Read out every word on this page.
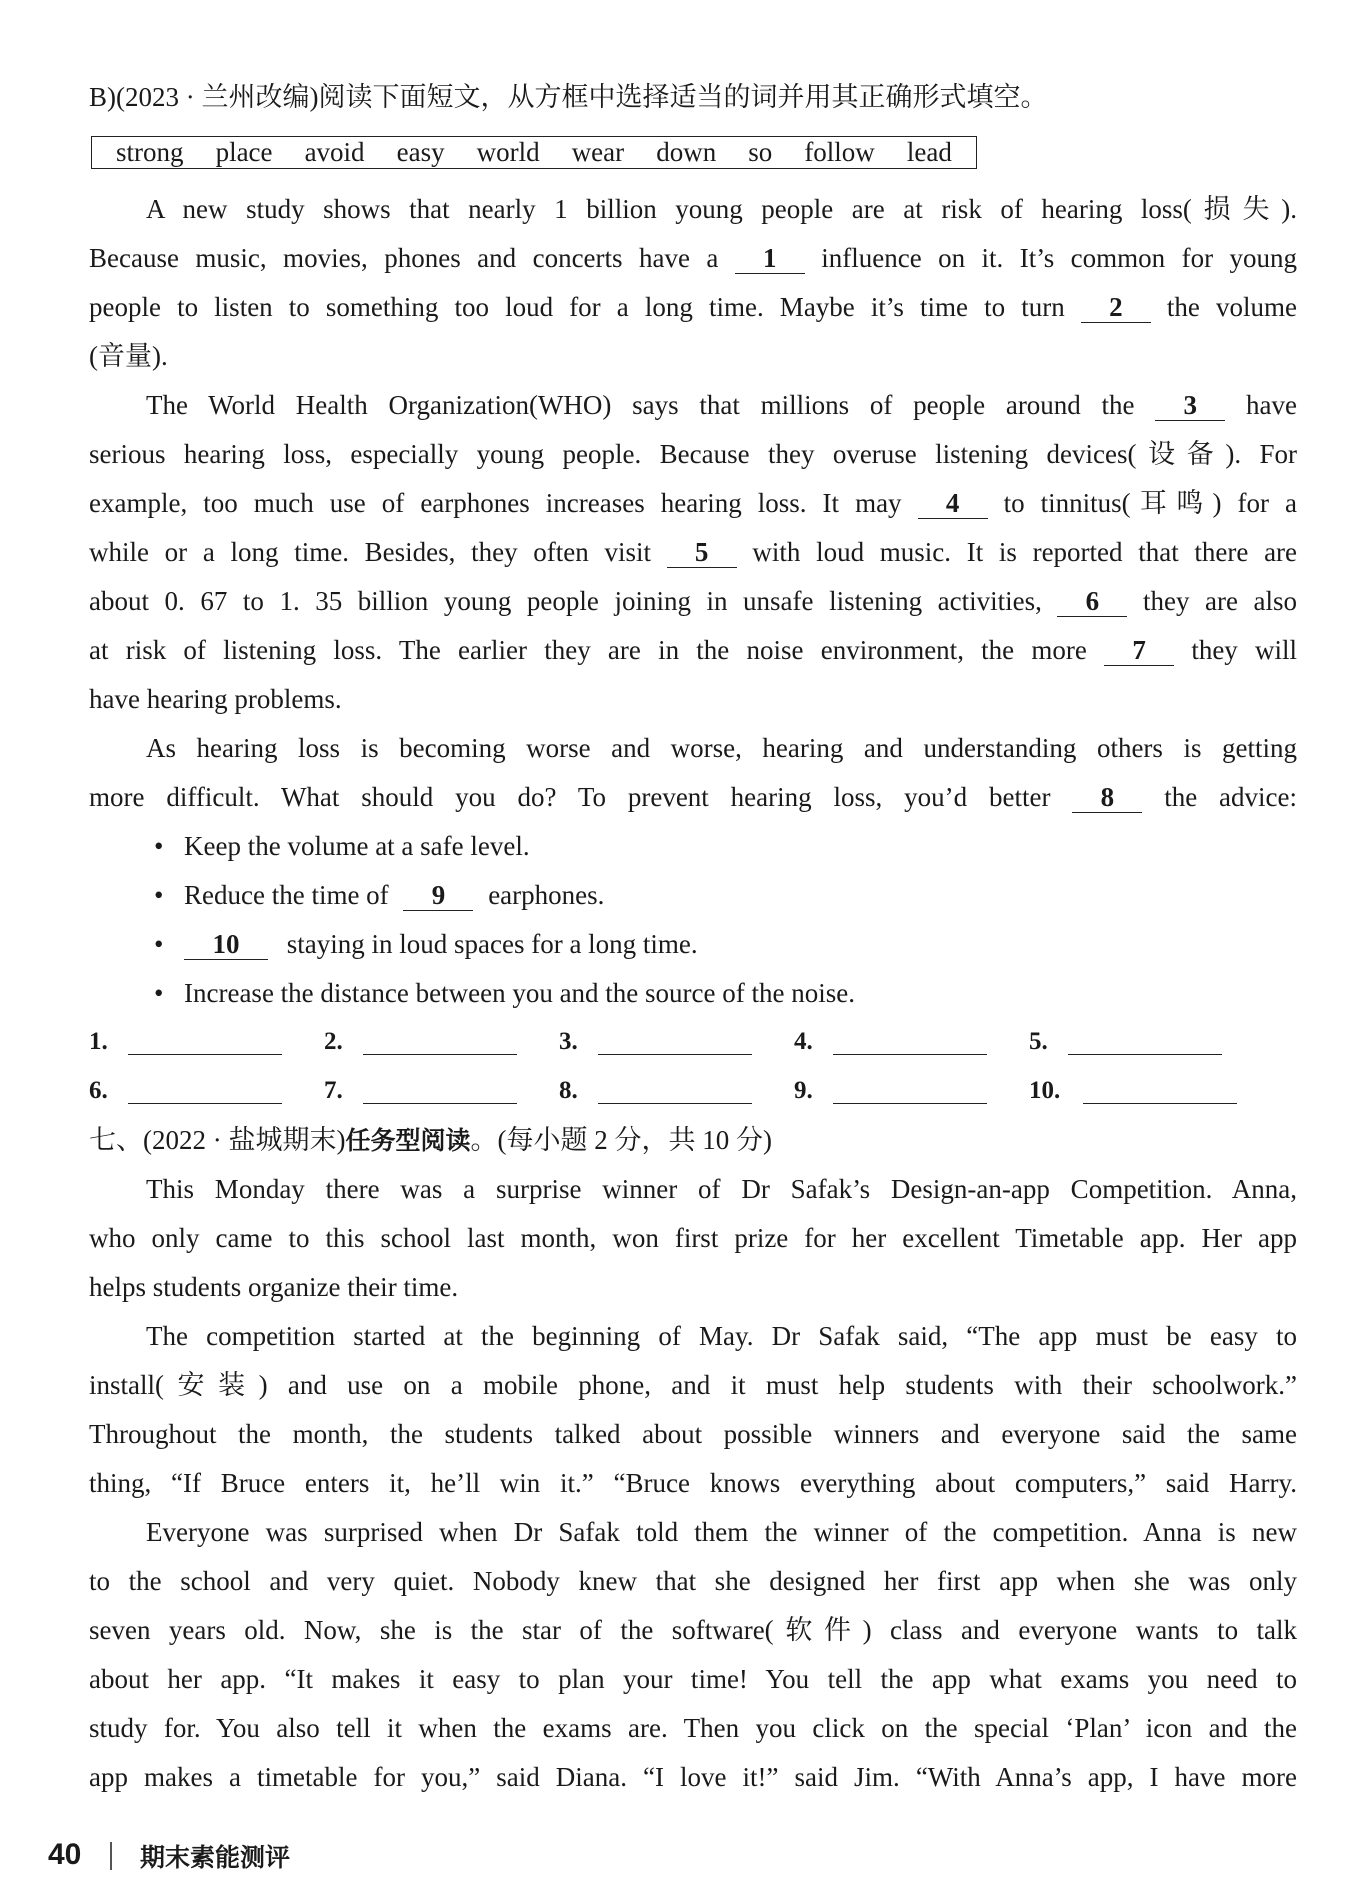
B)(2023 · 兰州改编)阅读下面短文，从方框中选择适当的词并用其正确形式填空。
strong place avoid easy world wear down so follow lead
A new study shows that nearly 1 billion young people are at risk of hearing loss(损失).
Because music, movies, phones and concerts have a 1 influence on it. It’s common for young
people to listen to something too loud for a long time. Maybe it’s time to turn 2 the volume
(音量).
The World Health Organization(WHO) says that millions of people around the 3 have
serious hearing loss, especially young people. Because they overuse listening devices(设备). For
example, too much use of earphones increases hearing loss. It may 4 to tinnitus(耳鸣) for a
while or a long time. Besides, they often visit 5 with loud music. It is reported that there are
about 0. 67 to 1. 35 billion young people joining in unsafe listening activities, 6 they are also
at risk of listening loss. The earlier they are in the noise environment, the more 7 they will
have hearing problems.
As hearing loss is becoming worse and worse, hearing and understanding others is getting
more difficult. What should you do? To prevent hearing loss, you’d better 8 the advice:
• Keep the volume at a safe level.
• Reduce the time of 9 earphones.
•	10 staying in loud spaces for a long time.
• Increase the distance between you and the source of the noise.
1.	2.	3.	4.	5.
6.	7.	8.	9.	10.
七、(2022 · 盐城期末)任务型阅读。(每小题 2 分，共 10 分)
This Monday there was a surprise winner of Dr Safak’s Design-an-app Competition. Anna,
who only came to this school last month, won first prize for her excellent Timetable app. Her app
helps students organize their time.
The competition started at the beginning of May. Dr Safak said, “The app must be easy to
install(安装) and use on a mobile phone, and it must help students with their schoolwork.”
Throughout the month, the students talked about possible winners and everyone said the same
thing, “If Bruce enters it, he’ll win it.” “Bruce knows everything about computers,” said Harry.
Everyone was surprised when Dr Safak told them the winner of the competition. Anna is new
to the school and very quiet. Nobody knew that she designed her first app when she was only
seven years old. Now, she is the star of the software(软件) class and everyone wants to talk
about her app. “It makes it easy to plan your time! You tell the app what exams you need to
study for. You also tell it when the exams are. Then you click on the special ‘Plan’ icon and the
app makes a timetable for you,” said Diana. “I love it!” said Jim. “With Anna’s app, I have more
40 期末素能测评
